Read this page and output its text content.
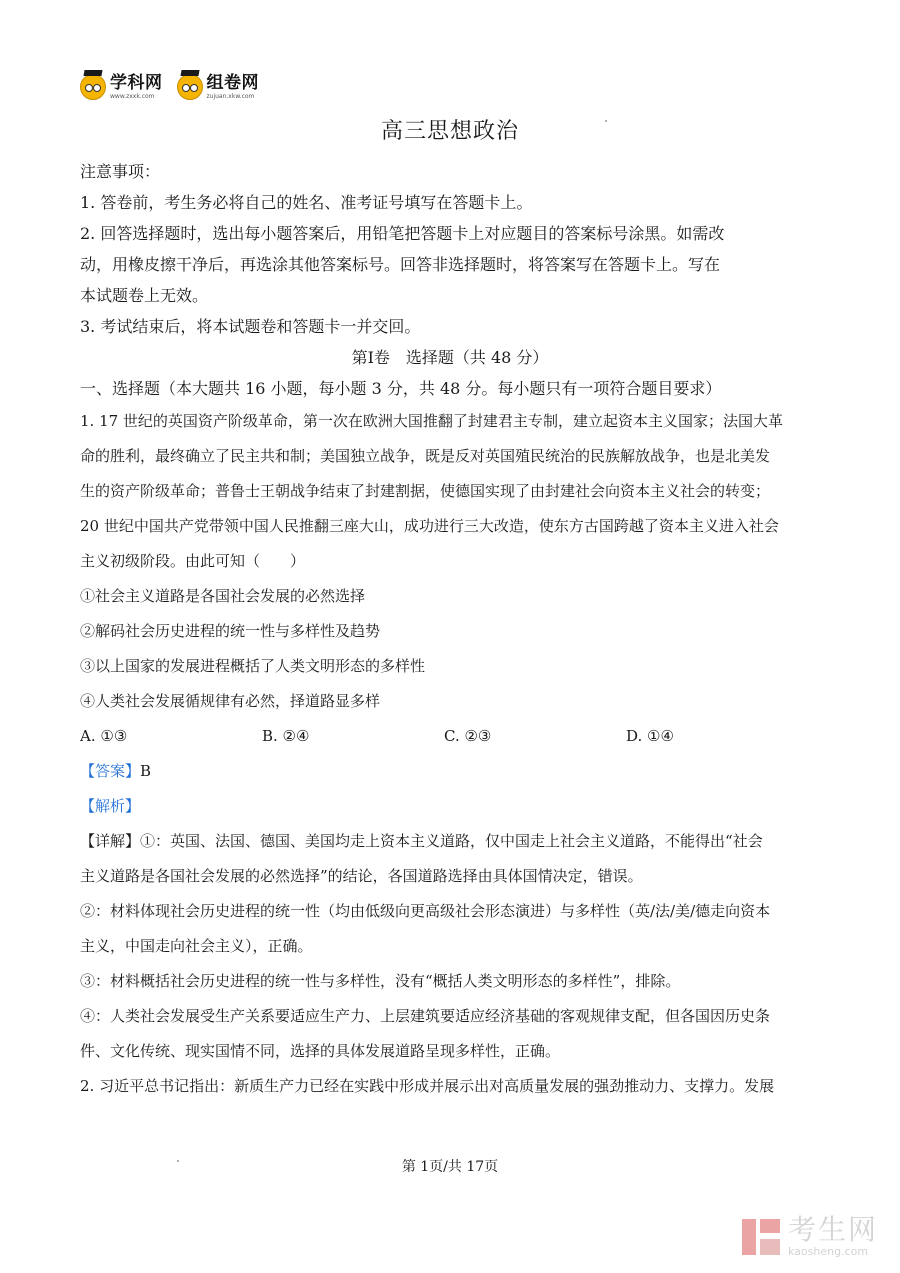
学科网
www.zxxk.com
组卷网
zujuan.xkw.com
高三思想政治

注意事项：

1. 答卷前，考生务必将自己的姓名、准考证号填写在答题卡上。

2. 回答选择题时，选出每小题答案后，用铅笔把答题卡上对应题目的答案标号涂黑。如需改

动，用橡皮擦干净后，再选涂其他答案标号。回答非选择题时，将答案写在答题卡上。写在

本试题卷上无效。

3. 考试结束后，将本试题卷和答题卡一并交回。

第Ⅰ卷　选择题（共 48 分）

一、选择题（本大题共 16 小题，每小题 3 分，共 48 分。每小题只有一项符合题目要求）

1. 17 世纪的英国资产阶级革命，第一次在欧洲大国推翻了封建君主专制，建立起资本主义国家；法国大革

命的胜利，最终确立了民主共和制；美国独立战争，既是反对英国殖民统治的民族解放战争，也是北美发

生的资产阶级革命；普鲁士王朝战争结束了封建割据，使德国实现了由封建社会向资本主义社会的转变；

20 世纪中国共产党带领中国人民推翻三座大山，成功进行三大改造，使东方古国跨越了资本主义进入社会

主义初级阶段。由此可知（　　）

①社会主义道路是各国社会发展的必然选择

②解码社会历史进程的统一性与多样性及趋势

③以上国家的发展进程概括了人类文明形态的多样性

④人类社会发展循规律有必然，择道路显多样

A. ①③	B. ②④	C. ②③	D. ①④

【答案】B

【解析】

【详解】①：英国、法国、德国、美国均走上资本主义道路，仅中国走上社会主义道路，不能得出“社会

主义道路是各国社会发展的必然选择”的结论，各国道路选择由具体国情决定，错误。

②：材料体现社会历史进程的统一性（均由低级向更高级社会形态演进）与多样性（英/法/美/德走向资本

主义，中国走向社会主义），正确。

③：材料概括社会历史进程的统一性与多样性，没有“概括人类文明形态的多样性”，排除。

④：人类社会发展受生产关系要适应生产力、上层建筑要适应经济基础的客观规律支配，但各国因历史条

件、文化传统、现实国情不同，选择的具体发展道路呈现多样性，正确。

2. 习近平总书记指出：新质生产力已经在实践中形成并展示出对高质量发展的强劲推动力、支撑力。发展

第 1页/共 17页
考生网
kaosheng.com
